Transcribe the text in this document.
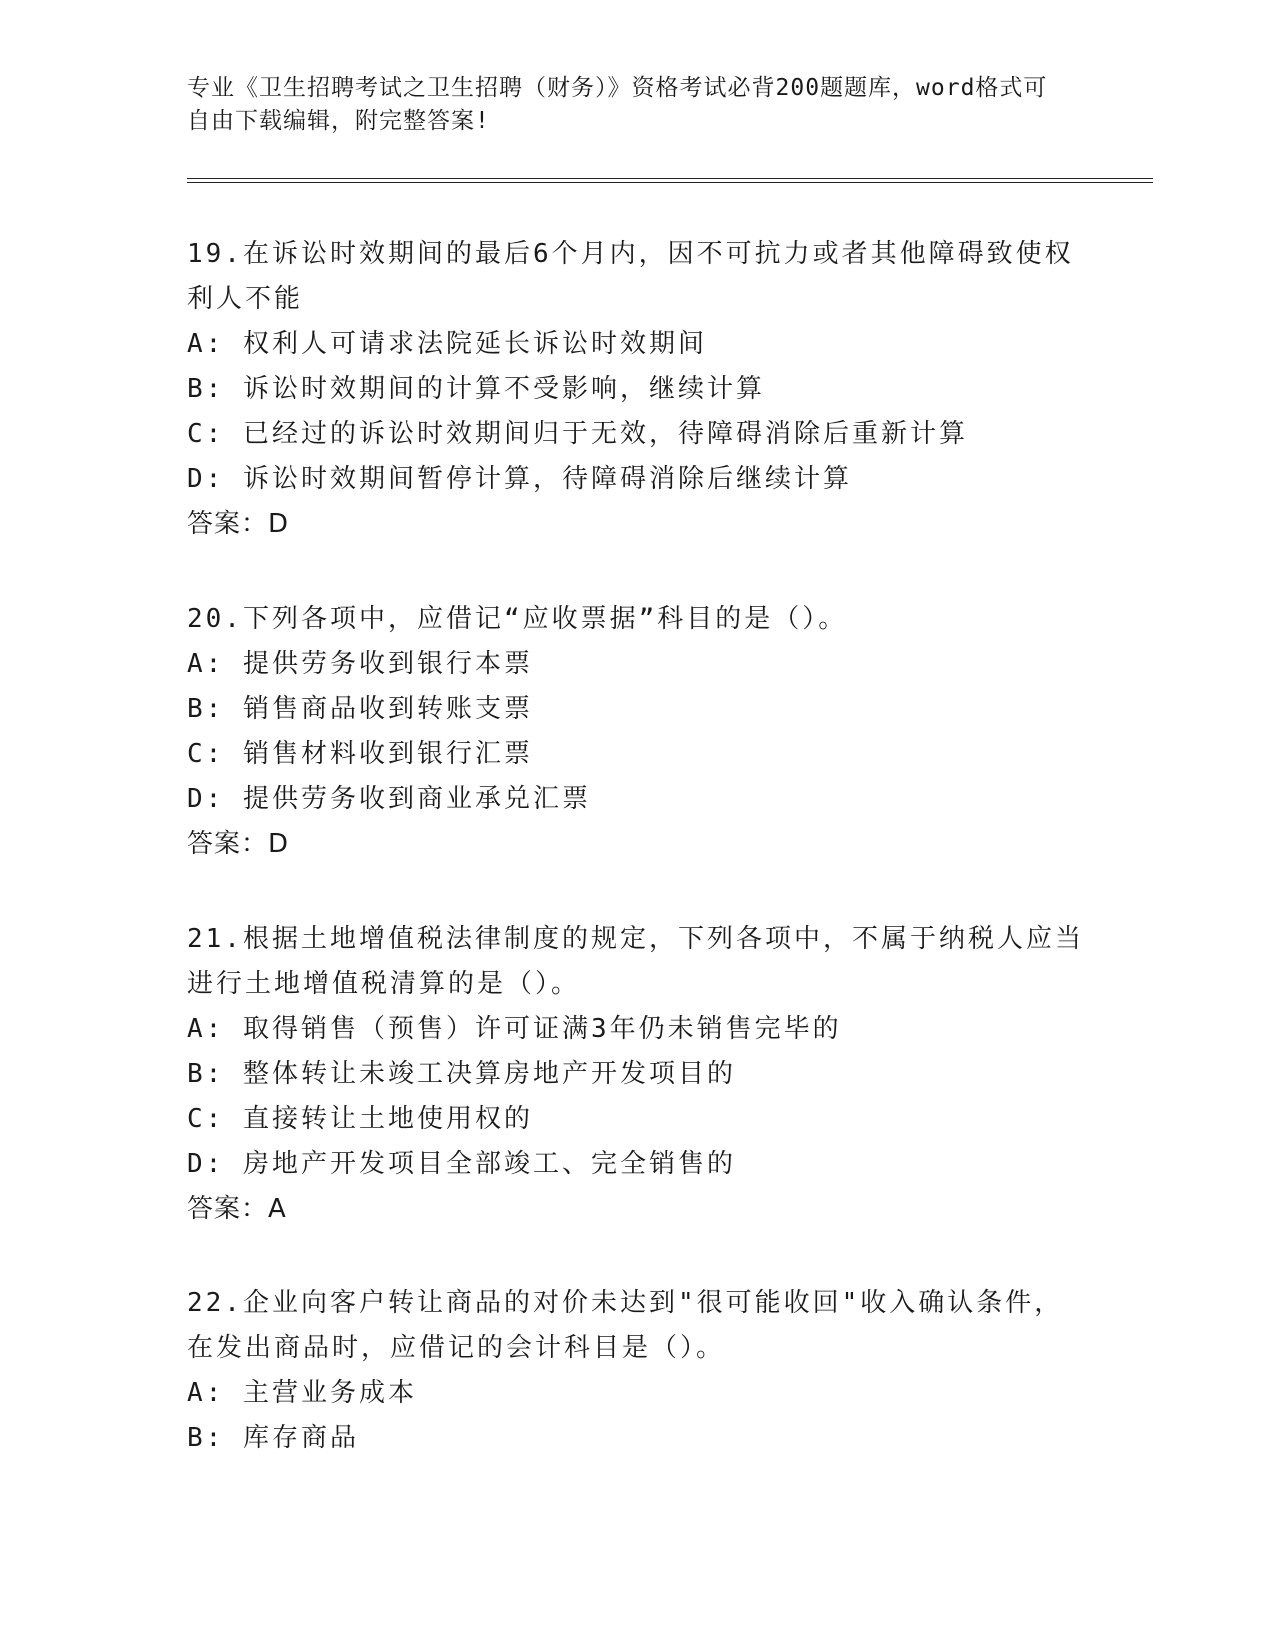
专业《卫生招聘考试之卫生招聘（财务）》资格考试必背200题题库，word格式可自由下载编辑，附完整答案!
19.在诉讼时效期间的最后6个月内，因不可抗力或者其他障碍致使权利人不能
A: 权利人可请求法院延长诉讼时效期间
B: 诉讼时效期间的计算不受影响，继续计算
C: 已经过的诉讼时效期间归于无效，待障碍消除后重新计算
D: 诉讼时效期间暂停计算，待障碍消除后继续计算
答案：D
20.下列各项中，应借记“应收票据”科目的是（）。
A: 提供劳务收到银行本票
B: 销售商品收到转账支票
C: 销售材料收到银行汇票
D: 提供劳务收到商业承兑汇票
答案：D
21.根据土地增值税法律制度的规定，下列各项中，不属于纳税人应当进行土地增值税清算的是（）。
A: 取得销售（预售）许可证满3年仍未销售完毕的
B: 整体转让未竣工决算房地产开发项目的
C: 直接转让土地使用权的
D: 房地产开发项目全部竣工、完全销售的
答案：A
22.企业向客户转让商品的对价未达到"很可能收回"收入确认条件，在发出商品时，应借记的会计科目是（）。
A: 主营业务成本
B: 库存商品
